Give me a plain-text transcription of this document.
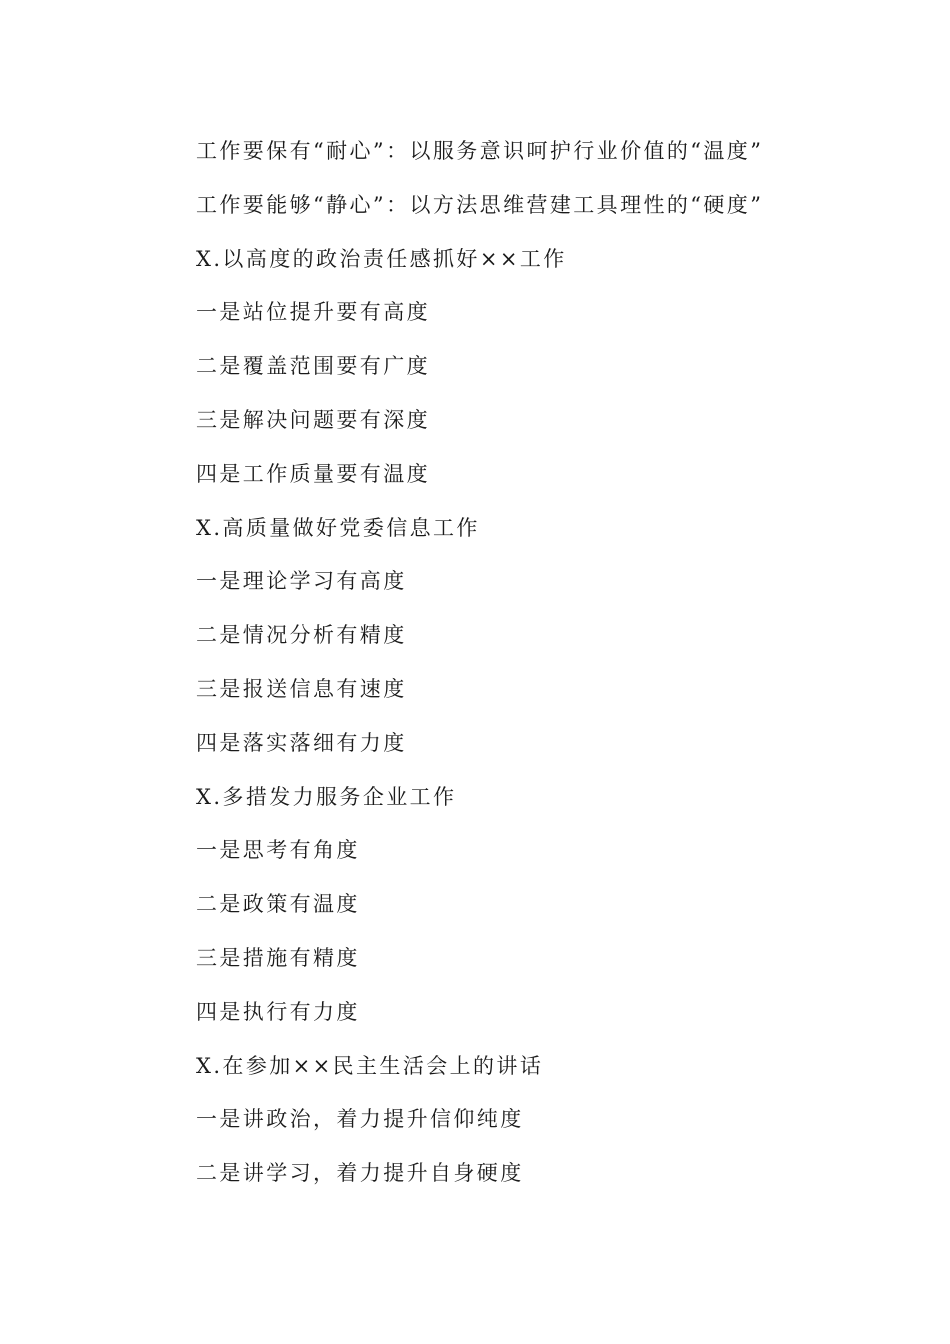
工作要保有“耐心”：以服务意识呵护行业价值的“温度”
工作要能够“静心”：以方法思维营建工具理性的“硬度”
X.以高度的政治责任感抓好××工作
一是站位提升要有高度
二是覆盖范围要有广度
三是解决问题要有深度
四是工作质量要有温度
X.高质量做好党委信息工作
一是理论学习有高度
二是情况分析有精度
三是报送信息有速度
四是落实落细有力度
X.多措发力服务企业工作
一是思考有角度
二是政策有温度
三是措施有精度
四是执行有力度
X.在参加××民主生活会上的讲话
一是讲政治，着力提升信仰纯度
二是讲学习，着力提升自身硬度
